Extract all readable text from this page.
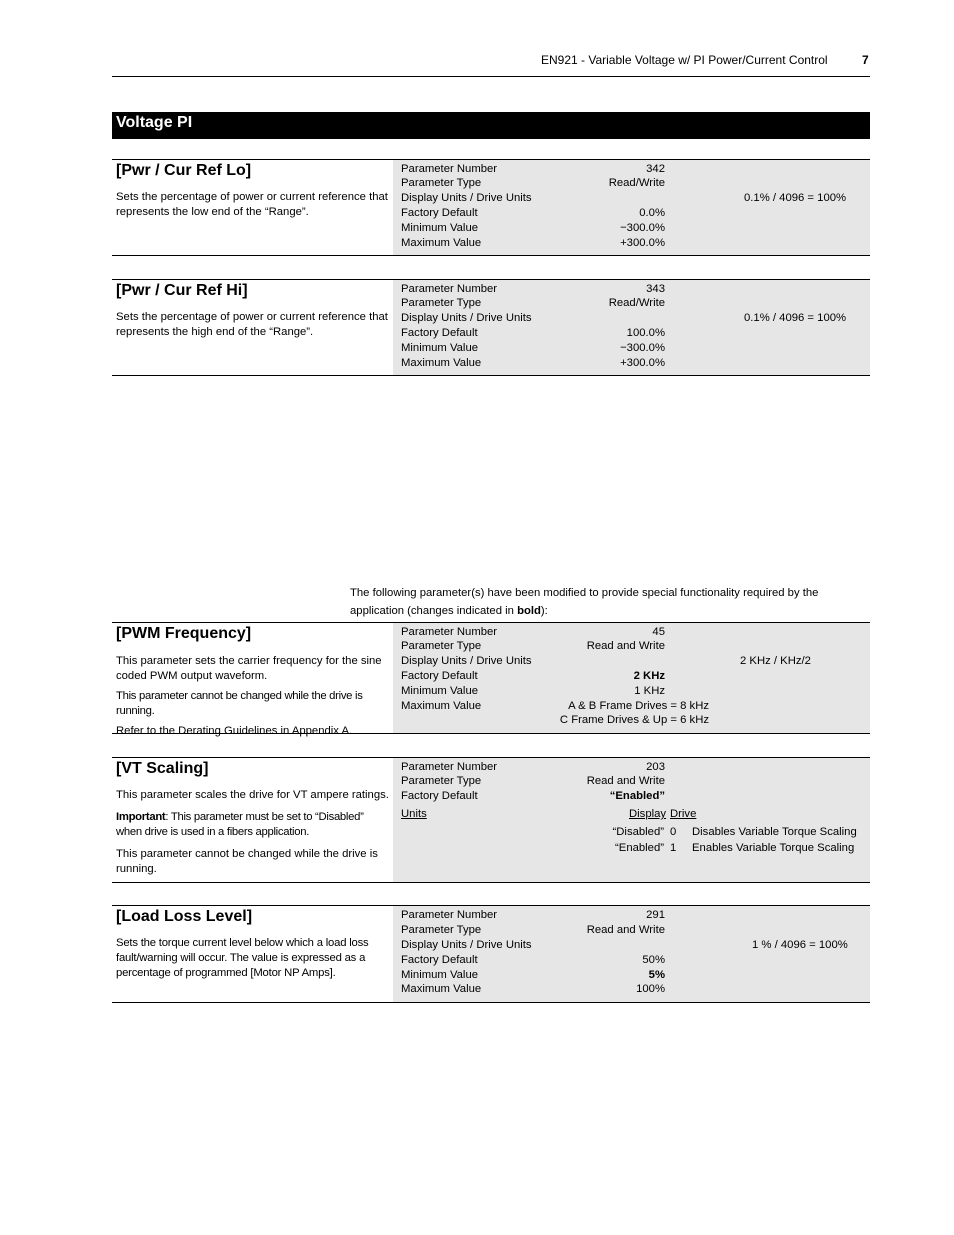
EN921 - Variable Voltage w/ PI Power/Current Control	7
Voltage PI
[Pwr / Cur Ref Lo]
Sets the percentage of power or current reference that represents the low end of the “Range”.
Parameter Number
Parameter Type
Display Units / Drive Units
Factory Default
Minimum Value
Maximum Value
342
Read/Write
0.1% / 4096 = 100%
0.0%
−300.0%
+300.0%
[Pwr / Cur Ref Hi]
Sets the percentage of power or current reference that represents the high end of the “Range”.
Parameter Number
Parameter Type
Display Units / Drive Units
Factory Default
Minimum Value
Maximum Value
343
Read/Write
0.1% / 4096 = 100%
100.0%
−300.0%
+300.0%
The following parameter(s) have been modified to provide special functionality required by the application (changes indicated in bold):
[PWM Frequency]

This parameter sets the carrier frequency for the sine coded PWM output waveform.

This parameter cannot be changed while the drive is running.

Refer to the Derating Guidelines in Appendix A.

Parameter Number
Parameter Type
Display Units / Drive Units
Factory Default
Minimum Value
Maximum Value
45
Read and Write
2 KHz / KHz/2
2 KHz
1 KHz
A & B Frame Drives = 8 kHz
C Frame Drives & Up = 6 kHz
[VT Scaling]

This parameter scales the drive for VT ampere ratings.

Important: This parameter must be set to “Disabled” when drive is used in a fibers application.

This parameter cannot be changed while the drive is running.

Parameter Number
Parameter Type
Factory Default
Units
203
Read and Write
“Enabled”
Display Drive
“Disabled” 0 Disables Variable Torque Scaling
“Enabled” 1 Enables Variable Torque Scaling
[Load Loss Level]
Sets the torque current level below which a load loss fault/warning will occur. The value is expressed as a percentage of programmed [Motor NP Amps].
Parameter Number
Parameter Type
Display Units / Drive Units
Factory Default
Minimum Value
Maximum Value
291
Read and Write
1 % / 4096 = 100%
50%
5%
100%
